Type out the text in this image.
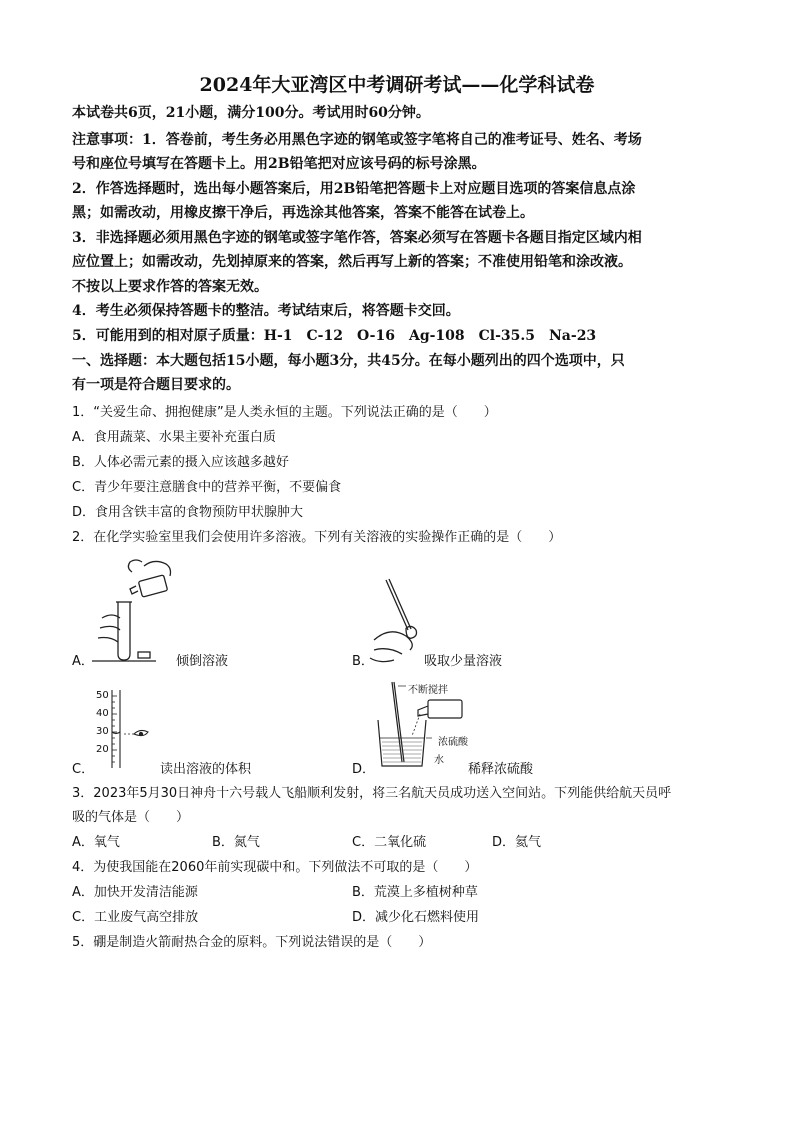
2024年大亚湾区中考调研考试——化学科试卷
本试卷共6页，21小题，满分100分。考试用时60分钟。
注意事项：1．答卷前，考生务必用黑色字迹的钢笔或签字笔将自己的准考证号、姓名、考场
号和座位号填写在答题卡上。用2B铅笔把对应该号码的标号涂黑。
2．作答选择题时，选出每小题答案后，用2B铅笔把答题卡上对应题目选项的答案信息点涂
黑；如需改动，用橡皮擦干净后，再选涂其他答案，答案不能答在试卷上。
3．非选择题必须用黑色字迹的钢笔或签字笔作答，答案必须写在答题卡各题目指定区域内相
应位置上；如需改动，先划掉原来的答案，然后再写上新的答案；不准使用铅笔和涂改液。
不按以上要求作答的答案无效。
4．考生必须保持答题卡的整洁。考试结束后，将答题卡交回。
5．可能用到的相对原子质量：H-1　C-12　O-16　Ag-108　Cl-35.5　Na-23
一、选择题：本大题包括15小题，每小题3分，共45分。在每小题列出的四个选项中，只
有一项是符合题目要求的。
1．“关爱生命、拥抱健康”是人类永恒的主题。下列说法正确的是（　　）
A．食用蔬菜、水果主要补充蛋白质
B．人体必需元素的摄入应该越多越好
C．青少年要注意膳食中的营养平衡，不要偏食
D．食用含铁丰富的食物预防甲状腺肿大
2．在化学实验室里我们会使用许多溶液。下列有关溶液的实验操作正确的是（　　）
A．	倾倒溶液	B．	吸取少量溶液
50
40
30
20
C．	读出溶液的体积
不断搅拌
浓硫酸
水
D．	稀释浓硫酸
3．2023年5月30日神舟十六号载人飞船顺利发射，将三名航天员成功送入空间站。下列能供给航天员呼
吸的气体是（　　）
A．氧气	B．氮气	C．二氧化硫	D．氦气
4．为使我国能在2060年前实现碳中和。下列做法不可取的是（　　）
A．加快开发清洁能源	B．荒漠上多植树种草
C．工业废气高空排放	D．减少化石燃料使用
5．硼是制造火箭耐热合金的原料。下列说法错误的是（　　）
